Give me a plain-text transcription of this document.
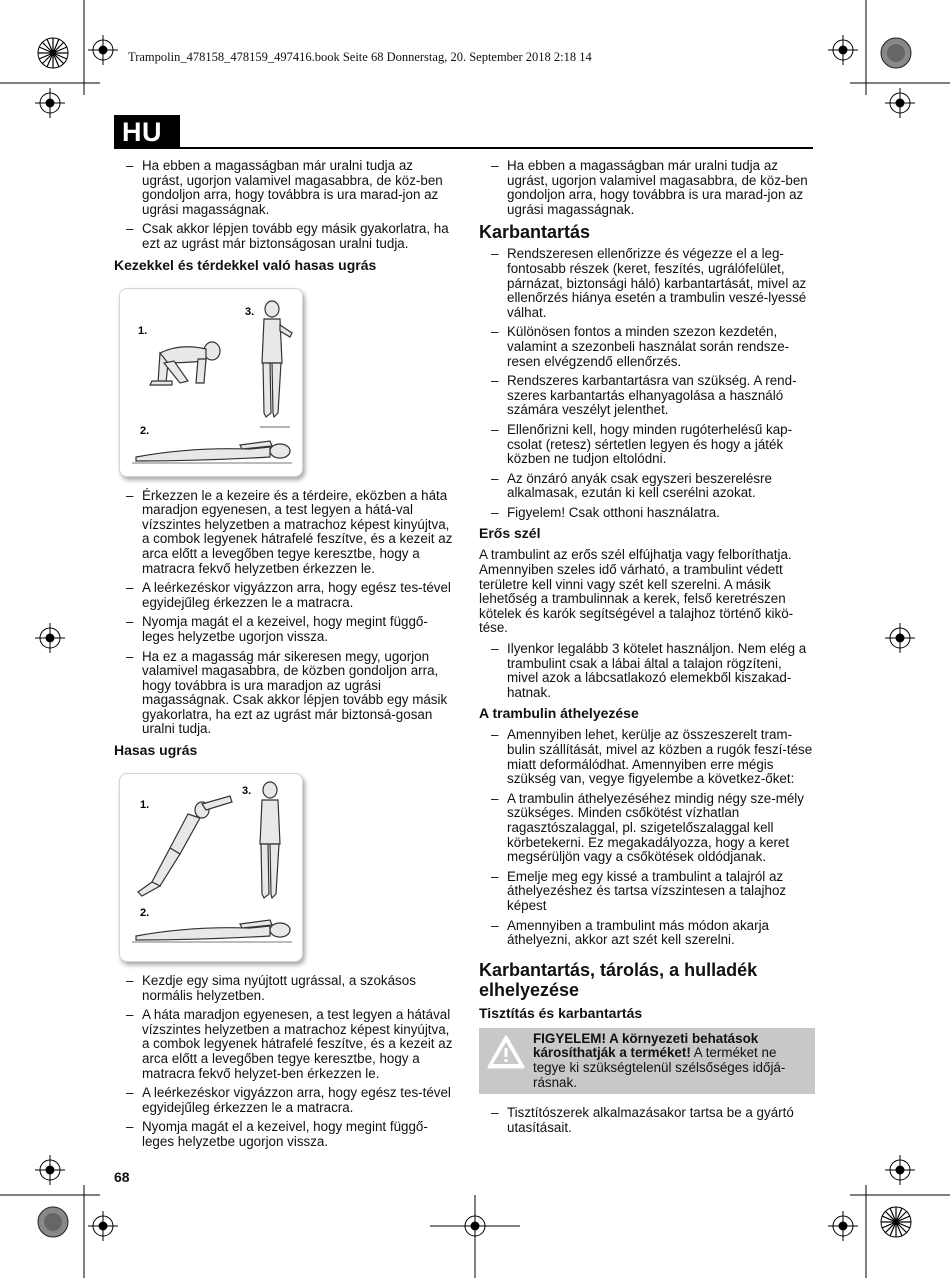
Trampolin_478158_478159_497416.book Seite 68 Donnerstag, 20. September 2018 2:18 14
HU
– Ha ebben a magasságban már uralni tudja az ugrást, ugorjon valamivel magasabbra, de köz-ben gondoljon arra, hogy továbbra is ura marad-jon az ugrási magasságnak.
– Csak akkor lépjen tovább egy másik gyakorlatra, ha ezt az ugrást már biztonságosan uralni tudja.
Kezekkel és térdekkel való hasas ugrás
1.
2.
3.
– Érkezzen le a kezeire és a térdeire, eközben a háta maradjon egyenesen, a test legyen a hátá-val vízszintes helyzetben a matrachoz képest kinyújtva, a combok legyenek hátrafelé feszítve, és a kezeit az arca előtt a levegőben tegye keresztbe, hogy a matracra fekvő helyzetben érkezzen le.
– A leérkezéskor vigyázzon arra, hogy egész tes-tével egyidejűleg érkezzen le a matracra.
– Nyomja magát el a kezeivel, hogy megint függő-leges helyzetbe ugorjon vissza.
– Ha ez a magasság már sikeresen megy, ugorjon valamivel magasabbra, de közben gondoljon arra, hogy továbbra is ura maradjon az ugrási magasságnak. Csak akkor lépjen tovább egy másik gyakorlatra, ha ezt az ugrást már biztonsá-gosan uralni tudja.
Hasas ugrás
1.
2.
3.
– Kezdje egy sima nyújtott ugrással, a szokásos normális helyzetben.
– A háta maradjon egyenesen, a test legyen a hátával vízszintes helyzetben a matrachoz képest kinyújtva, a combok legyenek hátrafelé feszítve, és a kezeit az arca előtt a levegőben tegye keresztbe, hogy a matracra fekvő helyzet-ben érkezzen le.
– A leérkezéskor vigyázzon arra, hogy egész tes-tével egyidejűleg érkezzen le a matracra.
– Nyomja magát el a kezeivel, hogy megint függő-leges helyzetbe ugorjon vissza.
– Ha ebben a magasságban már uralni tudja az ugrást, ugorjon valamivel magasabbra, de köz-ben gondoljon arra, hogy továbbra is ura marad-jon az ugrási magasságnak.
Karbantartás
– Rendszeresen ellenőrizze és végezze el a leg-fontosabb részek (keret, feszítés, ugrálófelület, párnázat, biztonsági háló) karbantartását, mivel az ellenőrzés hiánya esetén a trambulin veszé-lyessé válhat.
– Különösen fontos a minden szezon kezdetén, valamint a szezonbeli használat során rendsze-resen elvégzendő ellenőrzés.
– Rendszeres karbantartásra van szükség. A rend-szeres karbantartás elhanyagolása a használó számára veszélyt jelenthet.
– Ellenőrizni kell, hogy minden rugóterhelésű kap-csolat (retesz) sértetlen legyen és hogy a játék közben ne tudjon eltolódni.
– Az önzáró anyák csak egyszeri beszerelésre alkalmasak, ezután ki kell cserélni azokat.
– Figyelem! Csak otthoni használatra.
Erős szél

A trambulint az erős szél elfújhatja vagy felboríthatja. Amennyiben szeles idő várható, a trambulint védett területre kell vinni vagy szét kell szerelni. A másik lehetőség a trambulinnak a kerek, felső keretrészen kötelek és karók segítségével a talajhoz történő kikö-tése.

– Ilyenkor legalább 3 kötelet használjon. Nem elég a trambulint csak a lábai által a talajon rögzíteni, mivel azok a lábcsatlakozó elemekből kiszakad-hatnak.
A trambulin áthelyezése
– Amennyiben lehet, kerülje az összeszerelt tram-bulin szállítását, mivel az közben a rugók feszí-tése miatt deformálódhat. Amennyiben erre mégis szükség van, vegye figyelembe a következ-őket:
– A trambulin áthelyezéséhez mindig négy sze-mély szükséges. Minden csőkötést vízhatlan ragasztószalaggal, pl. szigetelőszalaggal kell körbetekerni. Ez megakadályozza, hogy a keret megsérüljön vagy a csőkötések oldódjanak.
– Emelje meg egy kissé a trambulint a talajról az áthelyezéshez és tartsa vízszintesen a talajhoz képest
– Amennyiben a trambulint más módon akarja áthelyezni, akkor azt szét kell szerelni.
Karbantartás, tárolás, a hulladék elhelyezése
Tisztítás és karbantartás
FIGYELEM! A környezeti behatások károsíthatják a terméket! A terméket ne tegye ki szükségtelenül szélsőséges időjá-rásnak.
– Tisztítószerek alkalmazásakor tartsa be a gyártó utasításait.
68
